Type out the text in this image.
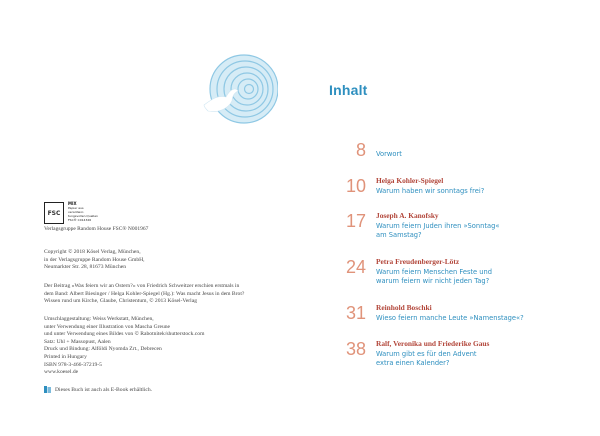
FSC
MIX
Papier aus verantwor-
tungsvollen Quellen
FSC® C014326
Verlagsgruppe Random House FSC® N001967
Copyright © 2018 Kösel Verlag, München,
in der Verlagsgruppe Random House GmbH,
Neumarkter Str. 28, 81673 München
Der Beitrag »Was feiern wir an Ostern?« von Friedrich Schweitzer erschien erstmals in
dem Band: Albert Biesinger / Helga Kohler-Spiegel (Hg.): Was macht Jesus in dem Brot?
Wissen rund um Kirche, Glaube, Christentum, © 2013 Kösel-Verlag
Umschlaggestaltung: Weiss Werkstatt, München,
unter Verwendung einer Illustration von Mascha Greune
und unter Verwendung eines Bildes von © Rabotnitek/shutterstock.com
Satz: Uhl + Massopust, Aalen
Druck und Bindung: Alföldi Nyomda Zrt., Debrecen
Printed in Hungary
ISBN 978-3-466-37219-5
www.koesel.de
Dieses Buch ist auch als E-Book erhältlich.
Inhalt
8 Vorwort
10 Helga Kohler-Spiegel
Warum haben wir sonntags frei?
17 Joseph A. Kanofsky
Warum feiern Juden ihren »Sonntag«
am Samstag?
24 Petra Freudenberger-Lötz
Warum feiern Menschen Feste und
warum feiern wir nicht jeden Tag?
31 Reinhold Boschki
Wieso feiern manche Leute »Namenstage«?
38 Ralf, Veronika und Friederike Gaus
Warum gibt es für den Advent
extra einen Kalender?
